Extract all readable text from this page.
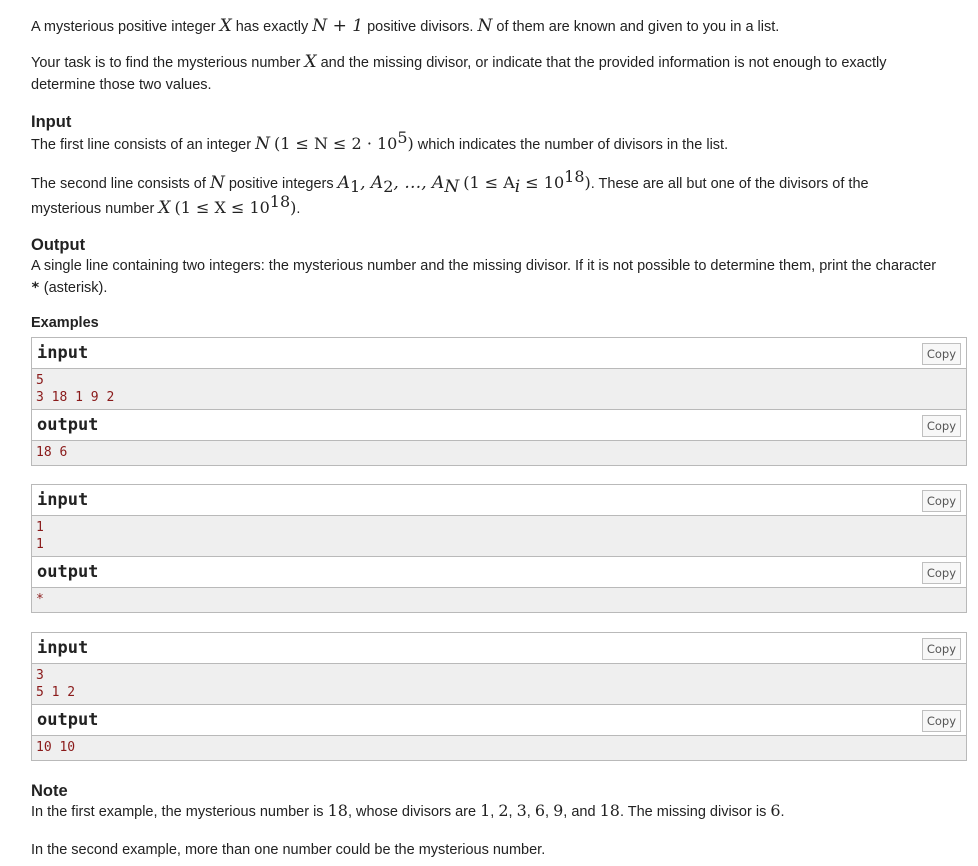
A mysterious positive integer X has exactly N + 1 positive divisors. N of them are known and given to you in a list.

Your task is to find the mysterious number X and the missing divisor, or indicate that the provided information is not enough to exactly determine those two values.

Input

The first line consists of an integer N $(1 \le N \le 2 \cdot 10^5)$ which indicates the number of divisors in the list.

The second line consists of N positive integers $A_1$, $A_2$, …, $A_N$ $(1 \le A_i \le 10^{18})$. These are all but one of the divisors of the mysterious number X $(1 \le X \le 10^{18})$.

Output

A single line containing two integers: the mysterious number and the missing divisor. If it is not possible to determine them, print the character * (asterisk).

Examples
Note

In the first example, the mysterious number is 18, whose divisors are 1, 2, 3, 6, 9, and 18. The missing divisor is 6.

In the second example, more than one number could be the mysterious number.

input	Copy
5
3 18 1 9 2
output	Copy
18 6
input	Copy
1
1
output	Copy
*
input	Copy
3
5 1 2
output	Copy
10 10
